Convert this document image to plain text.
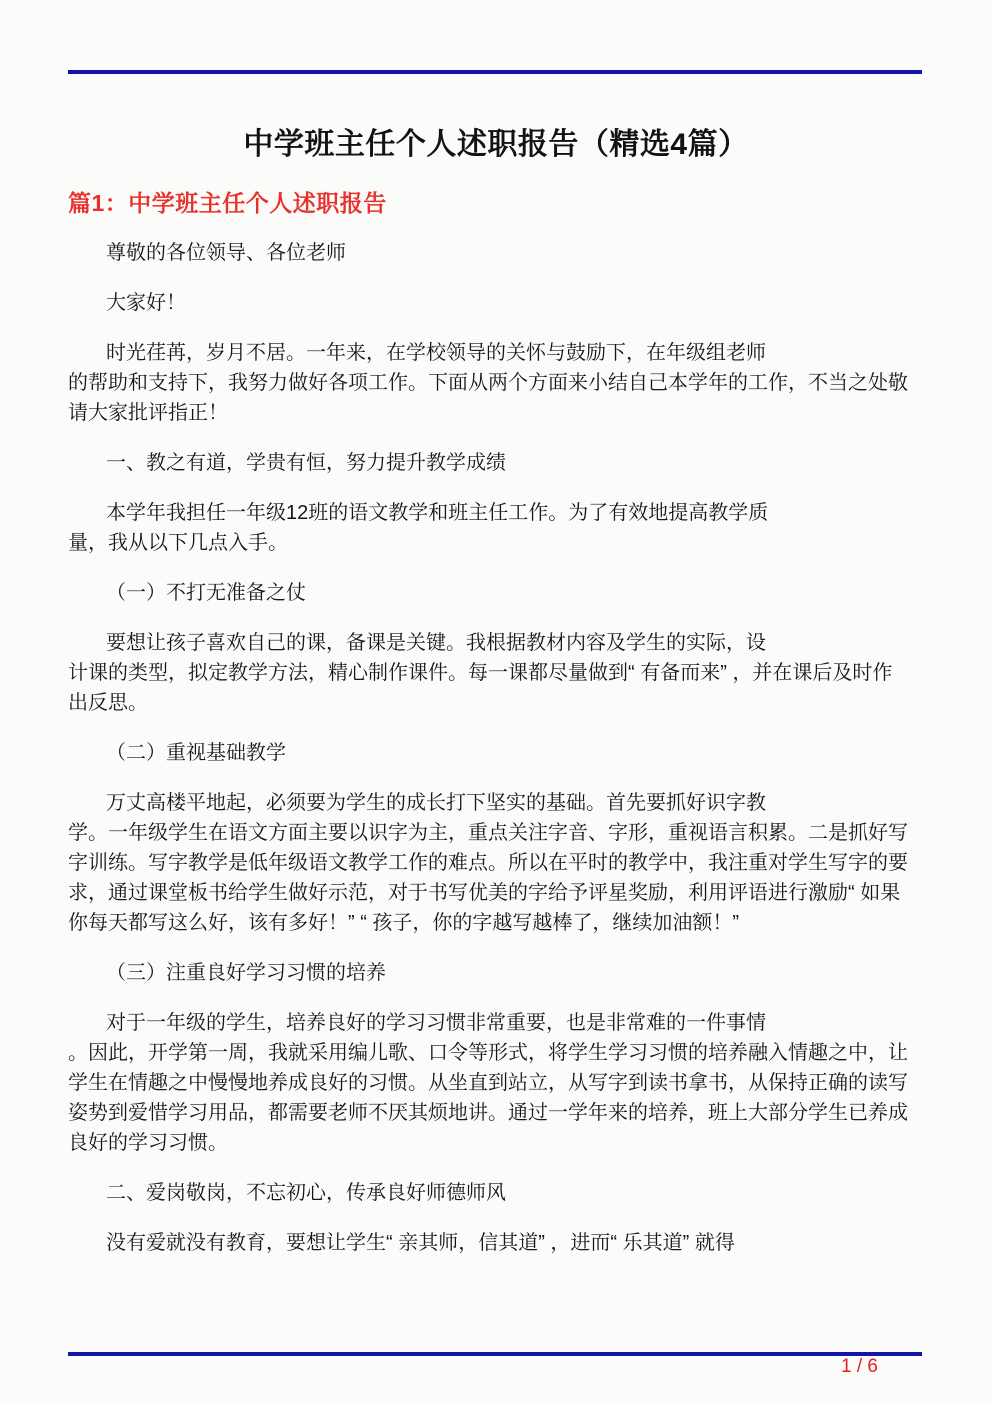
中学班主任个人述职报告（精选4篇）
篇1：中学班主任个人述职报告

尊敬的各位领导、各位老师

大家好！

时光荏苒，岁月不居。一年来，在学校领导的关怀与鼓励下，在年级组老师
的帮助和支持下，我努力做好各项工作。下面从两个方面来小结自己本学年的工作，不当之处敬
请大家批评指正！

一、教之有道，学贵有恒，努力提升教学成绩

本学年我担任一年级12班的语文教学和班主任工作。为了有效地提高教学质
量，我从以下几点入手。

（一）不打无准备之仗

要想让孩子喜欢自己的课，备课是关键。我根据教材内容及学生的实际，设
计课的类型，拟定教学方法，精心制作课件。每一课都尽量做到“ 有备而来” ，并在课后及时作
出反思。

（二）重视基础教学

万丈高楼平地起，必须要为学生的成长打下坚实的基础。首先要抓好识字教
学。一年级学生在语文方面主要以识字为主，重点关注字音、字形，重视语言积累。二是抓好写
字训练。写字教学是低年级语文教学工作的难点。所以在平时的教学中，我注重对学生写字的要
求，通过课堂板书给学生做好示范，对于书写优美的字给予评星奖励，利用评语进行激励“ 如果
你每天都写这么好，该有多好！” “ 孩子，你的字越写越棒了，继续加油额！”

（三）注重良好学习习惯的培养

对于一年级的学生，培养良好的学习习惯非常重要，也是非常难的一件事情
。因此，开学第一周，我就采用编儿歌、口令等形式，将学生学习习惯的培养融入情趣之中，让
学生在情趣之中慢慢地养成良好的习惯。从坐直到站立，从写字到读书拿书，从保持正确的读写
姿势到爱惜学习用品，都需要老师不厌其烦地讲。通过一学年来的培养，班上大部分学生已养成
良好的学习习惯。

二、爱岗敬岗，不忘初心，传承良好师德师风

没有爱就没有教育，要想让学生“ 亲其师，信其道” ，进而“ 乐其道” 就得

1 / 6
